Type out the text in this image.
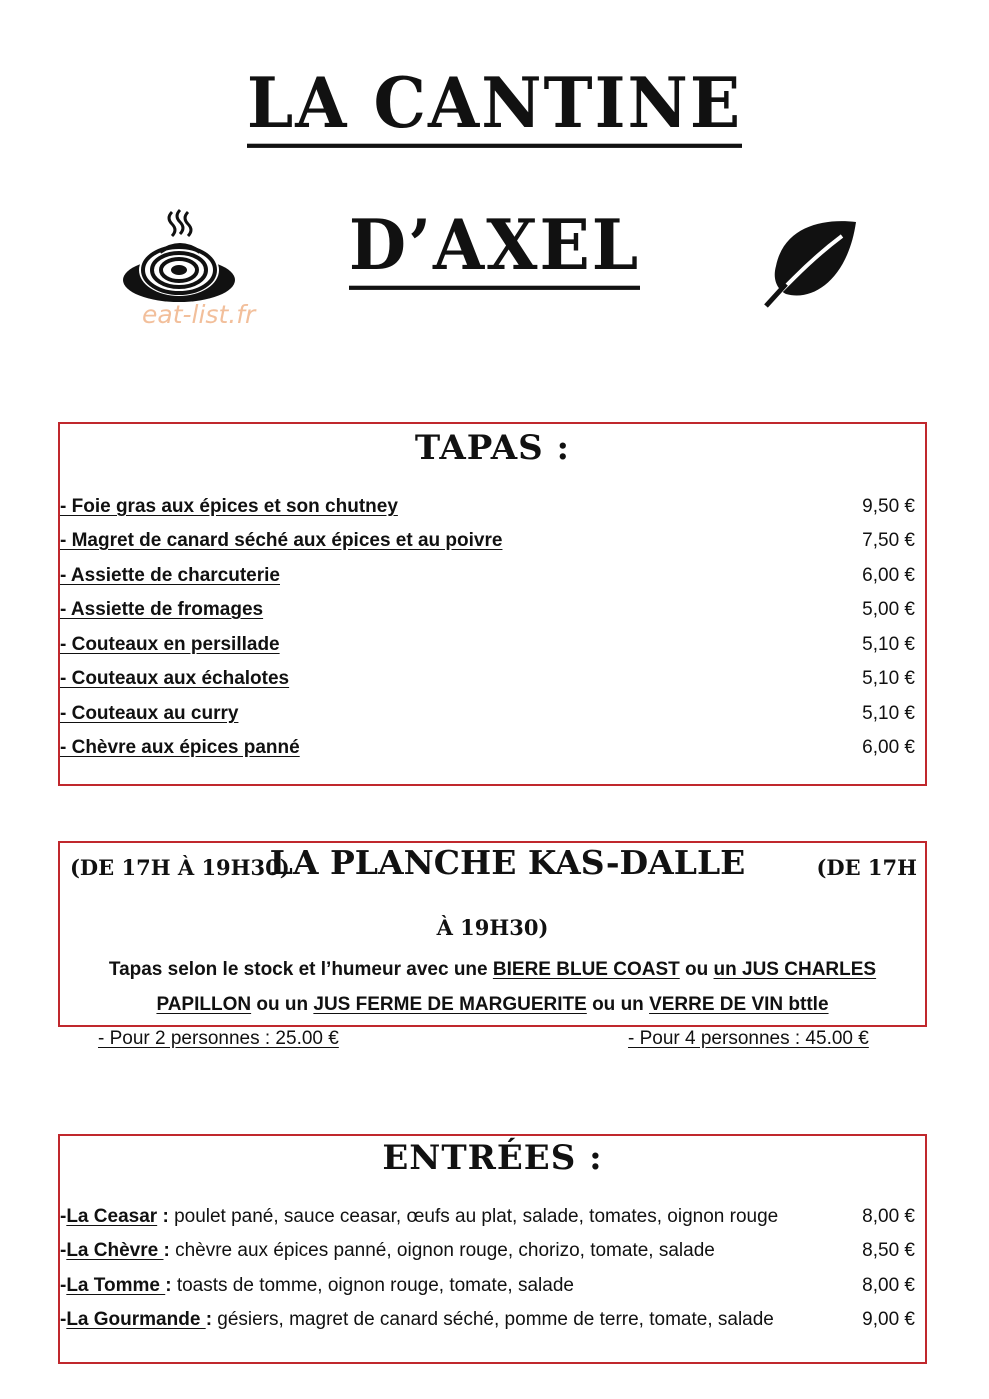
LA CANTINE
D’AXEL
eat-list.fr
TAPAS :
- Foie gras aux épices et son chutney	9,50 €
- Magret de canard séché aux épices et au poivre	7,50 €
- Assiette de charcuterie	6,00 €
- Assiette de fromages	5,00 €
- Couteaux en persillade	5,10 €
- Couteaux aux échalotes	5,10 €
- Couteaux au curry	5,10 €
- Chèvre aux épices panné	6,00 €
LA PLANCHE KAS-DALLE
(DE 17H À 19H30)	(DE 17H
À 19H30)
Tapas selon le stock et l’humeur avec une BIERE BLUE COAST ou un JUS CHARLES
PAPILLON ou un JUS FERME DE MARGUERITE ou un VERRE DE VIN bttle
- Pour 2 personnes : 25.00 €	- Pour 4 personnes : 45.00 €
ENTRÉES :
-La Ceasar : poulet pané, sauce ceasar, œufs au plat, salade, tomates, oignon rouge	8,00 €
-La Chèvre : chèvre aux épices panné, oignon rouge, chorizo, tomate, salade	8,50 €
-La Tomme : toasts de tomme, oignon rouge, tomate, salade	8,00 €
-La Gourmande : gésiers, magret de canard séché, pomme de terre, tomate, salade	9,00 €
